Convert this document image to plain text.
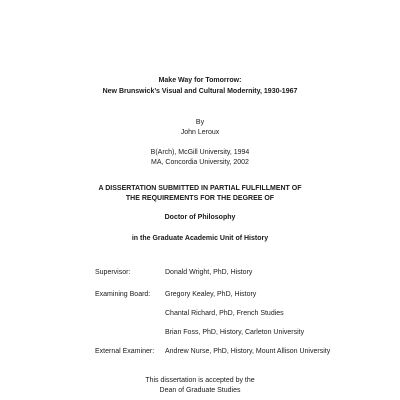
Make Way for Tomorrow:
New Brunswick’s Visual and Cultural Modernity, 1930-1967
By
John Leroux
B(Arch), McGill University, 1994
MA, Concordia University, 2002
A DISSERTATION SUBMITTED IN PARTIAL FULFILLMENT OF
THE REQUIREMENTS FOR THE DEGREE OF
Doctor of Philosophy
in the Graduate Academic Unit of History
Supervisor:	Donald Wright, PhD, History
Examining Board: Gregory Kealey, PhD, History
Chantal Richard, PhD, French Studies
Brian Foss, PhD, History, Carleton University
External Examiner: Andrew Nurse, PhD, History, Mount Allison University
This dissertation is accepted by the
Dean of Graduate Studies
